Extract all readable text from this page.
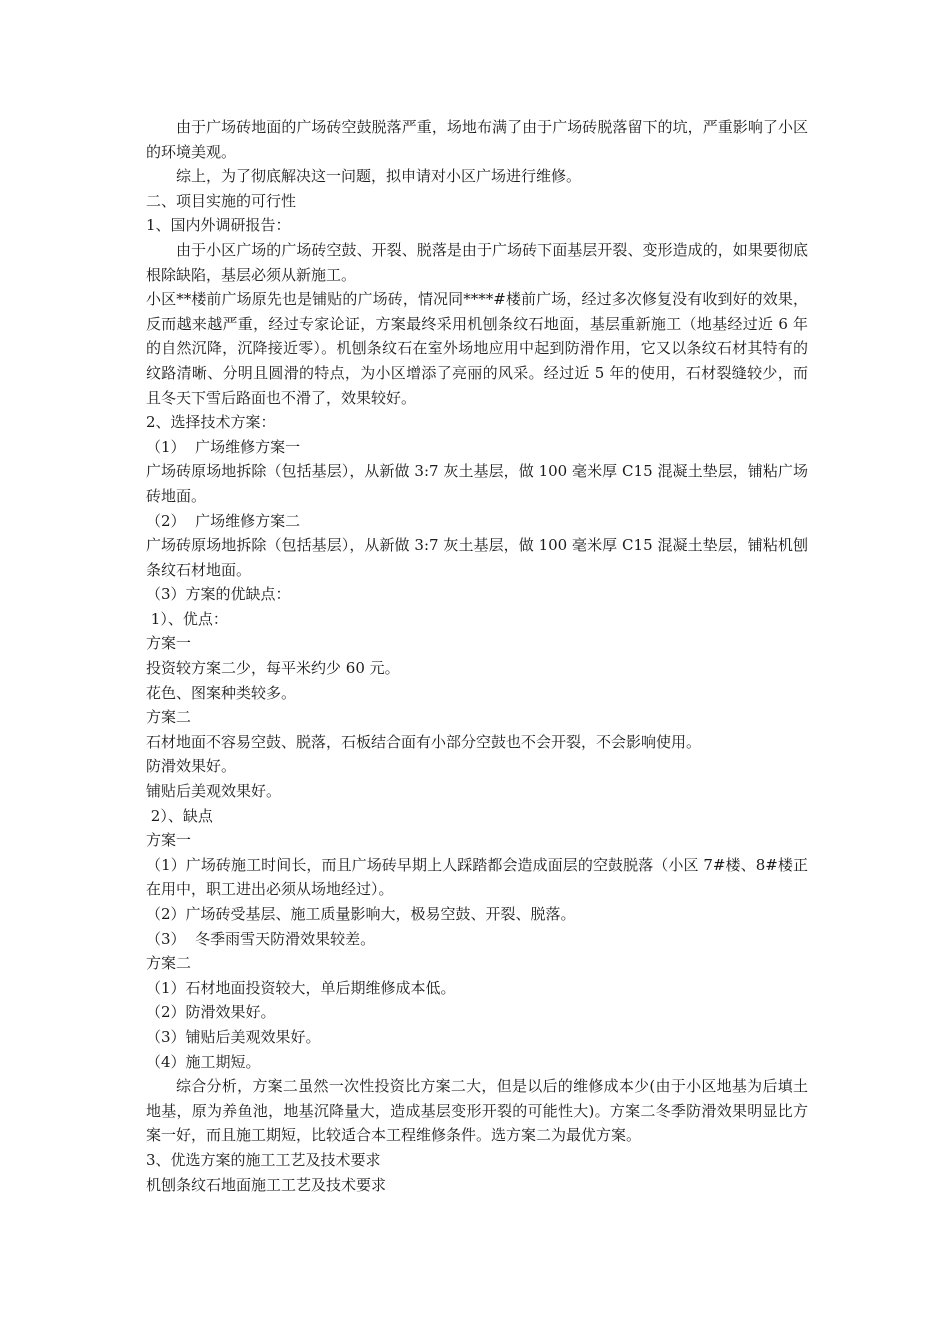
由于广场砖地面的广场砖空鼓脱落严重，场地布满了由于广场砖脱落留下的坑，严重影响了小区的环境美观。

综上，为了彻底解决这一问题，拟申请对小区广场进行维修。

二、项目实施的可行性

1、国内外调研报告：

由于小区广场的广场砖空鼓、开裂、脱落是由于广场砖下面基层开裂、变形造成的，如果要彻底根除缺陷，基层必须从新施工。

小区**楼前广场原先也是铺贴的广场砖，情况同****#楼前广场，经过多次修复没有收到好的效果，反而越来越严重，经过专家论证，方案最终采用机刨条纹石地面，基层重新施工（地基经过近 6 年的自然沉降，沉降接近零）。机刨条纹石在室外场地应用中起到防滑作用，它又以条纹石材其特有的纹路清晰、分明且圆滑的特点，为小区增添了亮丽的风采。经过近 5 年的使用，石材裂缝较少，而且冬天下雪后路面也不滑了，效果较好。

2、选择技术方案：

（1）  广场维修方案一

广场砖原场地拆除（包括基层），从新做 3:7 灰土基层，做 100 毫米厚 C15 混凝土垫层，铺粘广场砖地面。

（2）  广场维修方案二

广场砖原场地拆除（包括基层），从新做 3:7 灰土基层，做 100 毫米厚 C15 混凝土垫层，铺粘机刨条纹石材地面。

（3）方案的优缺点：

1）、优点：

方案一

投资较方案二少，每平米约少 60 元。

花色、图案种类较多。

方案二

石材地面不容易空鼓、脱落，石板结合面有小部分空鼓也不会开裂，不会影响使用。

防滑效果好。

铺贴后美观效果好。

2）、缺点

方案一

（1）广场砖施工时间长，而且广场砖早期上人踩踏都会造成面层的空鼓脱落（小区 7#楼、8#楼正在用中，职工进出必须从场地经过）。

（2）广场砖受基层、施工质量影响大，极易空鼓、开裂、脱落。

（3）  冬季雨雪天防滑效果较差。

方案二

（1）石材地面投资较大，单后期维修成本低。

（2）防滑效果好。

（3）铺贴后美观效果好。

（4）施工期短。

综合分析，方案二虽然一次性投资比方案二大，但是以后的维修成本少(由于小区地基为后填土地基，原为养鱼池，地基沉降量大，造成基层变形开裂的可能性大)。方案二冬季防滑效果明显比方案一好，而且施工期短，比较适合本工程维修条件。选方案二为最优方案。

3、优选方案的施工工艺及技术要求

机刨条纹石地面施工工艺及技术要求
